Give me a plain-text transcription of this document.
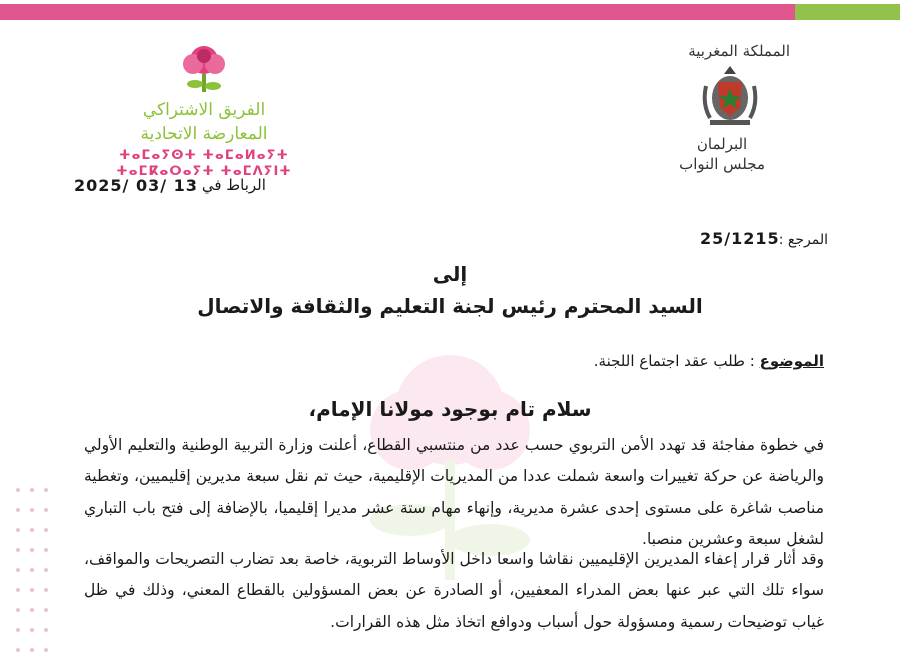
المملكة المغربية
البرلمان
مجلس النواب
الفريق الاشتراكي
المعارضة الاتحادية
ⵜⴰⵎⴰⵢⵙⵜ ⵜⴰⵎⴰⵍⴰⵢⵜ
ⵜⴰⵎⴽⴰⵔⴰⵢⵜ ⵜⴰⵎⴷⵢⵏⵜ
الرباط في :
2025/ 03/ 13
المرجع :
25/1215
إلى
السيد المحترم رئيس لجنة التعليم والثقافة والاتصال
الموضوع : طلب عقد اجتماع اللجنة.
سلام تام بوجود مولانا الإمام،
في خطوة مفاجئة قد تهدد الأمن التربوي حسب عدد من منتسبي القطاع، أعلنت وزارة التربية الوطنية والتعليم الأولي والرياضة عن حركة تغييرات واسعة شملت عددا من المديريات الإقليمية، حيث تم نقل سبعة مديرين إقليميين، وتغطية مناصب شاغرة على مستوى إحدى عشرة مديرية، وإنهاء مهام ستة عشر مديرا إقليميا، بالإضافة إلى فتح باب التباري لشغل سبعة وعشرين منصبا.
وقد أثار قرار إعفاء المديرين الإقليميين نقاشا واسعا داخل الأوساط التربوية، خاصة بعد تضارب التصريحات والمواقف، سواء تلك التي عبر عنها بعض المدراء المعفيين، أو الصادرة عن بعض المسؤولين بالقطاع المعني، وذلك في ظل غياب توضيحات رسمية ومسؤولة حول أسباب ودوافع اتخاذ مثل هذه القرارات.
